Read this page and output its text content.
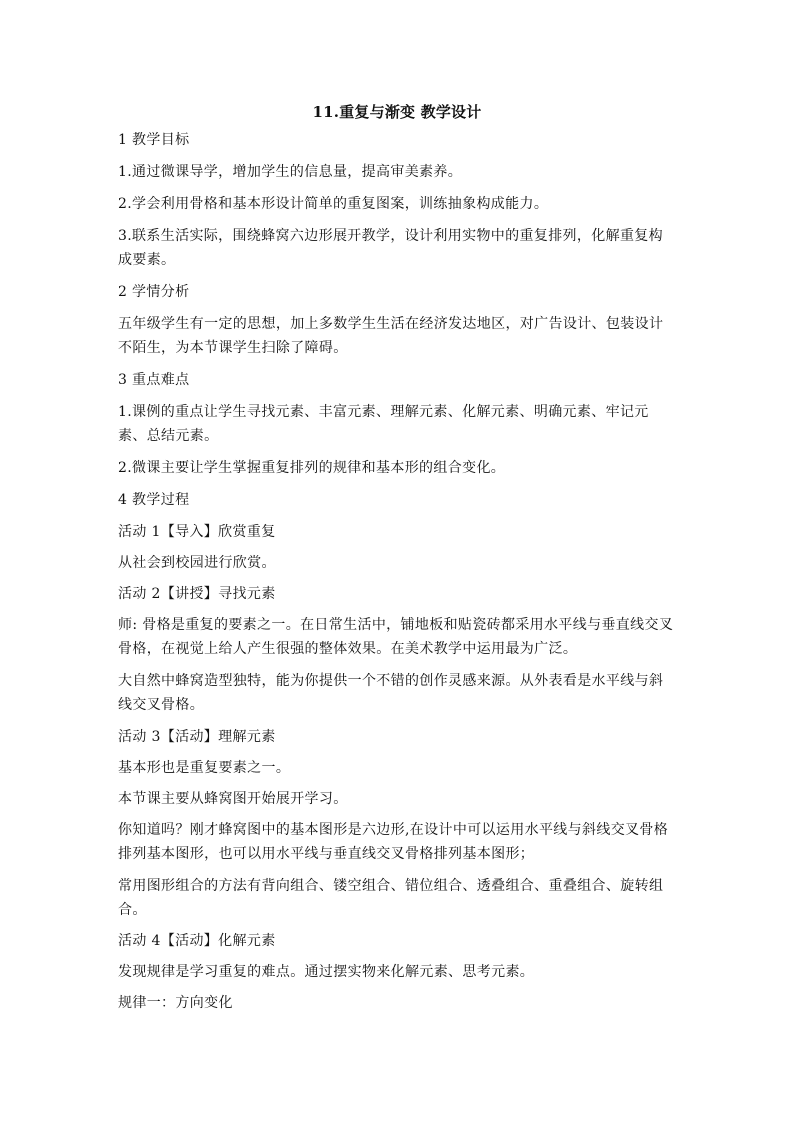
11.重复与渐变 教学设计
1 教学目标
1.通过微课导学，增加学生的信息量，提高审美素养。
2.学会利用骨格和基本形设计简单的重复图案，训练抽象构成能力。
3.联系生活实际，围绕蜂窝六边形展开教学，设计利用实物中的重复排列，化解重复构成要素。
2 学情分析
五年级学生有一定的思想，加上多数学生生活在经济发达地区，对广告设计、包装设计不陌生，为本节课学生扫除了障碍。
3 重点难点
1.课例的重点让学生寻找元素、丰富元素、理解元素、化解元素、明确元素、牢记元素、总结元素。
2.微课主要让学生掌握重复排列的规律和基本形的组合变化。
4 教学过程
活动 1【导入】欣赏重复
从社会到校园进行欣赏。
活动 2【讲授】寻找元素
师: 骨格是重复的要素之一。在日常生活中，铺地板和贴瓷砖都采用水平线与垂直线交叉骨格，在视觉上给人产生很强的整体效果。在美术教学中运用最为广泛。
大自然中蜂窝造型独特，能为你提供一个不错的创作灵感来源。从外表看是水平线与斜线交叉骨格。
活动 3【活动】理解元素
基本形也是重复要素之一。
本节课主要从蜂窝图开始展开学习。
你知道吗？刚才蜂窝图中的基本图形是六边形,在设计中可以运用水平线与斜线交叉骨格排列基本图形，也可以用水平线与垂直线交叉骨格排列基本图形；
常用图形组合的方法有背向组合、镂空组合、错位组合、透叠组合、重叠组合、旋转组合。
活动 4【活动】化解元素
发现规律是学习重复的难点。通过摆实物来化解元素、思考元素。
规律一：方向变化
